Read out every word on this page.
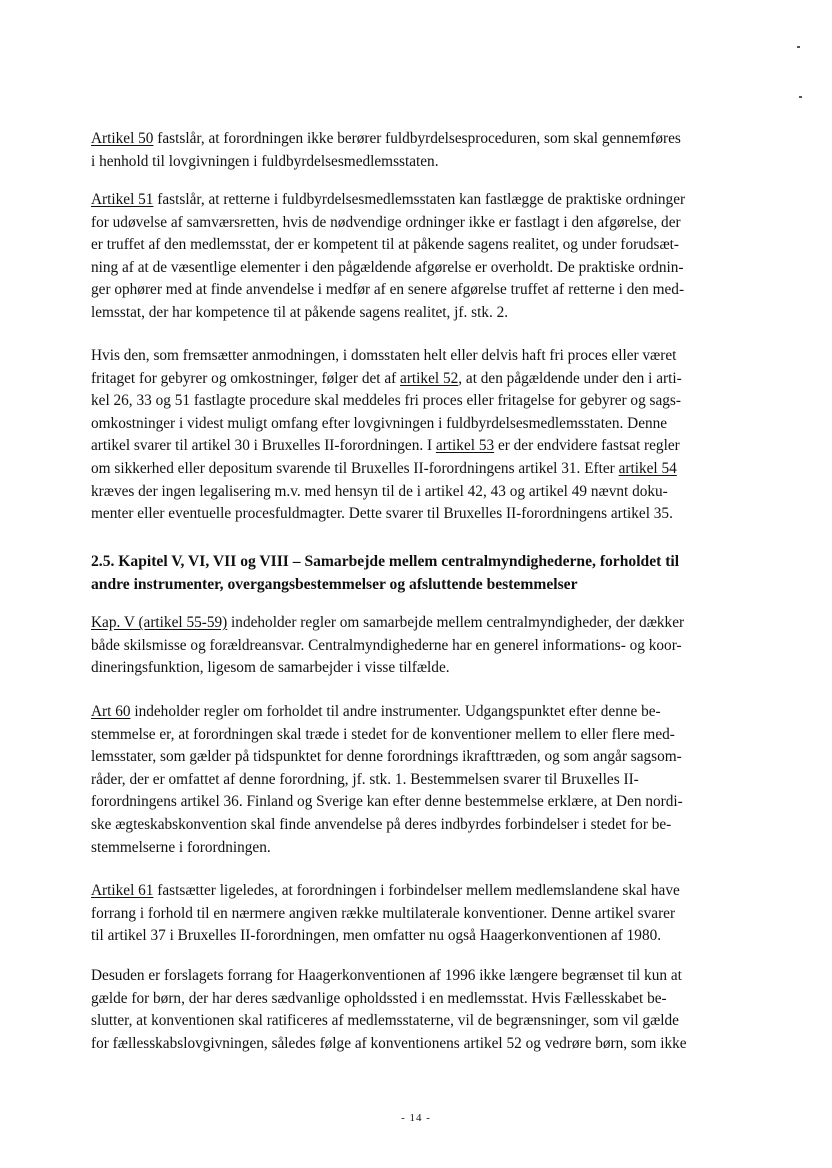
Artikel 50 fastslår, at forordningen ikke berører fuldbyrdelsesproceduren, som skal gennemføres
i henhold til lovgivningen i fuldbyrdelsesmedlemsstaten.

Artikel 51 fastslår, at retterne i fuldbyrdelsesmedlemsstaten kan fastlægge de praktiske ordninger
for udøvelse af samværsretten, hvis de nødvendige ordninger ikke er fastlagt i den afgørelse, der
er truffet af den medlemsstat, der er kompetent til at påkende sagens realitet, og under forudsæt-
ning af at de væsentlige elementer i den pågældende afgørelse er overholdt. De praktiske ordnin-
ger ophører med at finde anvendelse i medfør af en senere afgørelse truffet af retterne i den med-
lemsstat, der har kompetence til at påkende sagens realitet, jf. stk. 2.

Hvis den, som fremsætter anmodningen, i domsstaten helt eller delvis haft fri proces eller været
fritaget for gebyrer og omkostninger, følger det af artikel 52, at den pågældende under den i arti-
kel 26, 33 og 51 fastlagte procedure skal meddeles fri proces eller fritagelse for gebyrer og sags-
omkostninger i videst muligt omfang efter lovgivningen i fuldbyrdelsesmedlemsstaten. Denne
artikel svarer til artikel 30 i Bruxelles II-forordningen. I artikel 53 er der endvidere fastsat regler
om sikkerhed eller depositum svarende til Bruxelles II-forordningens artikel 31. Efter artikel 54
kræves der ingen legalisering m.v. med hensyn til de i artikel 42, 43 og artikel 49 nævnt doku-
menter eller eventuelle procesfuldmagter. Dette svarer til Bruxelles II-forordningens artikel 35.

2.5. Kapitel V, VI, VII og VIII – Samarbejde mellem centralmyndighederne, forholdet til
andre instrumenter, overgangsbestemmelser og afsluttende bestemmelser

Kap. V (artikel 55-59) indeholder regler om samarbejde mellem centralmyndigheder, der dækker
både skilsmisse og forældreansvar. Centralmyndighederne har en generel informations- og koor-
dineringsfunktion, ligesom de samarbejder i visse tilfælde.

Art 60 indeholder regler om forholdet til andre instrumenter. Udgangspunktet efter denne be-
stemmelse er, at forordningen skal træde i stedet for de konventioner mellem to eller flere med-
lemsstater, som gælder på tidspunktet for denne forordnings ikrafttræden, og som angår sagsom-
råder, der er omfattet af denne forordning, jf. stk. 1. Bestemmelsen svarer til Bruxelles II-
forordningens artikel 36. Finland og Sverige kan efter denne bestemmelse erklære, at Den nordi-
ske ægteskabskonvention skal finde anvendelse på deres indbyrdes forbindelser i stedet for be-
stemmelserne i forordningen.

Artikel 61 fastsætter ligeledes, at forordningen i forbindelser mellem medlemslandene skal have
forrang i forhold til en nærmere angiven række multilaterale konventioner. Denne artikel svarer
til artikel 37 i Bruxelles II-forordningen, men omfatter nu også Haagerkonventionen af 1980.

Desuden er forslagets forrang for Haagerkonventionen af 1996 ikke længere begrænset til kun at
gælde for børn, der har deres sædvanlige opholdssted i en medlemsstat. Hvis Fællesskabet be-
slutter, at konventionen skal ratificeres af medlemsstaterne, vil de begrænsninger, som vil gælde
for fællesskabslovgivningen, således følge af konventionens artikel 52 og vedrøre børn, som ikke

- 14 -
